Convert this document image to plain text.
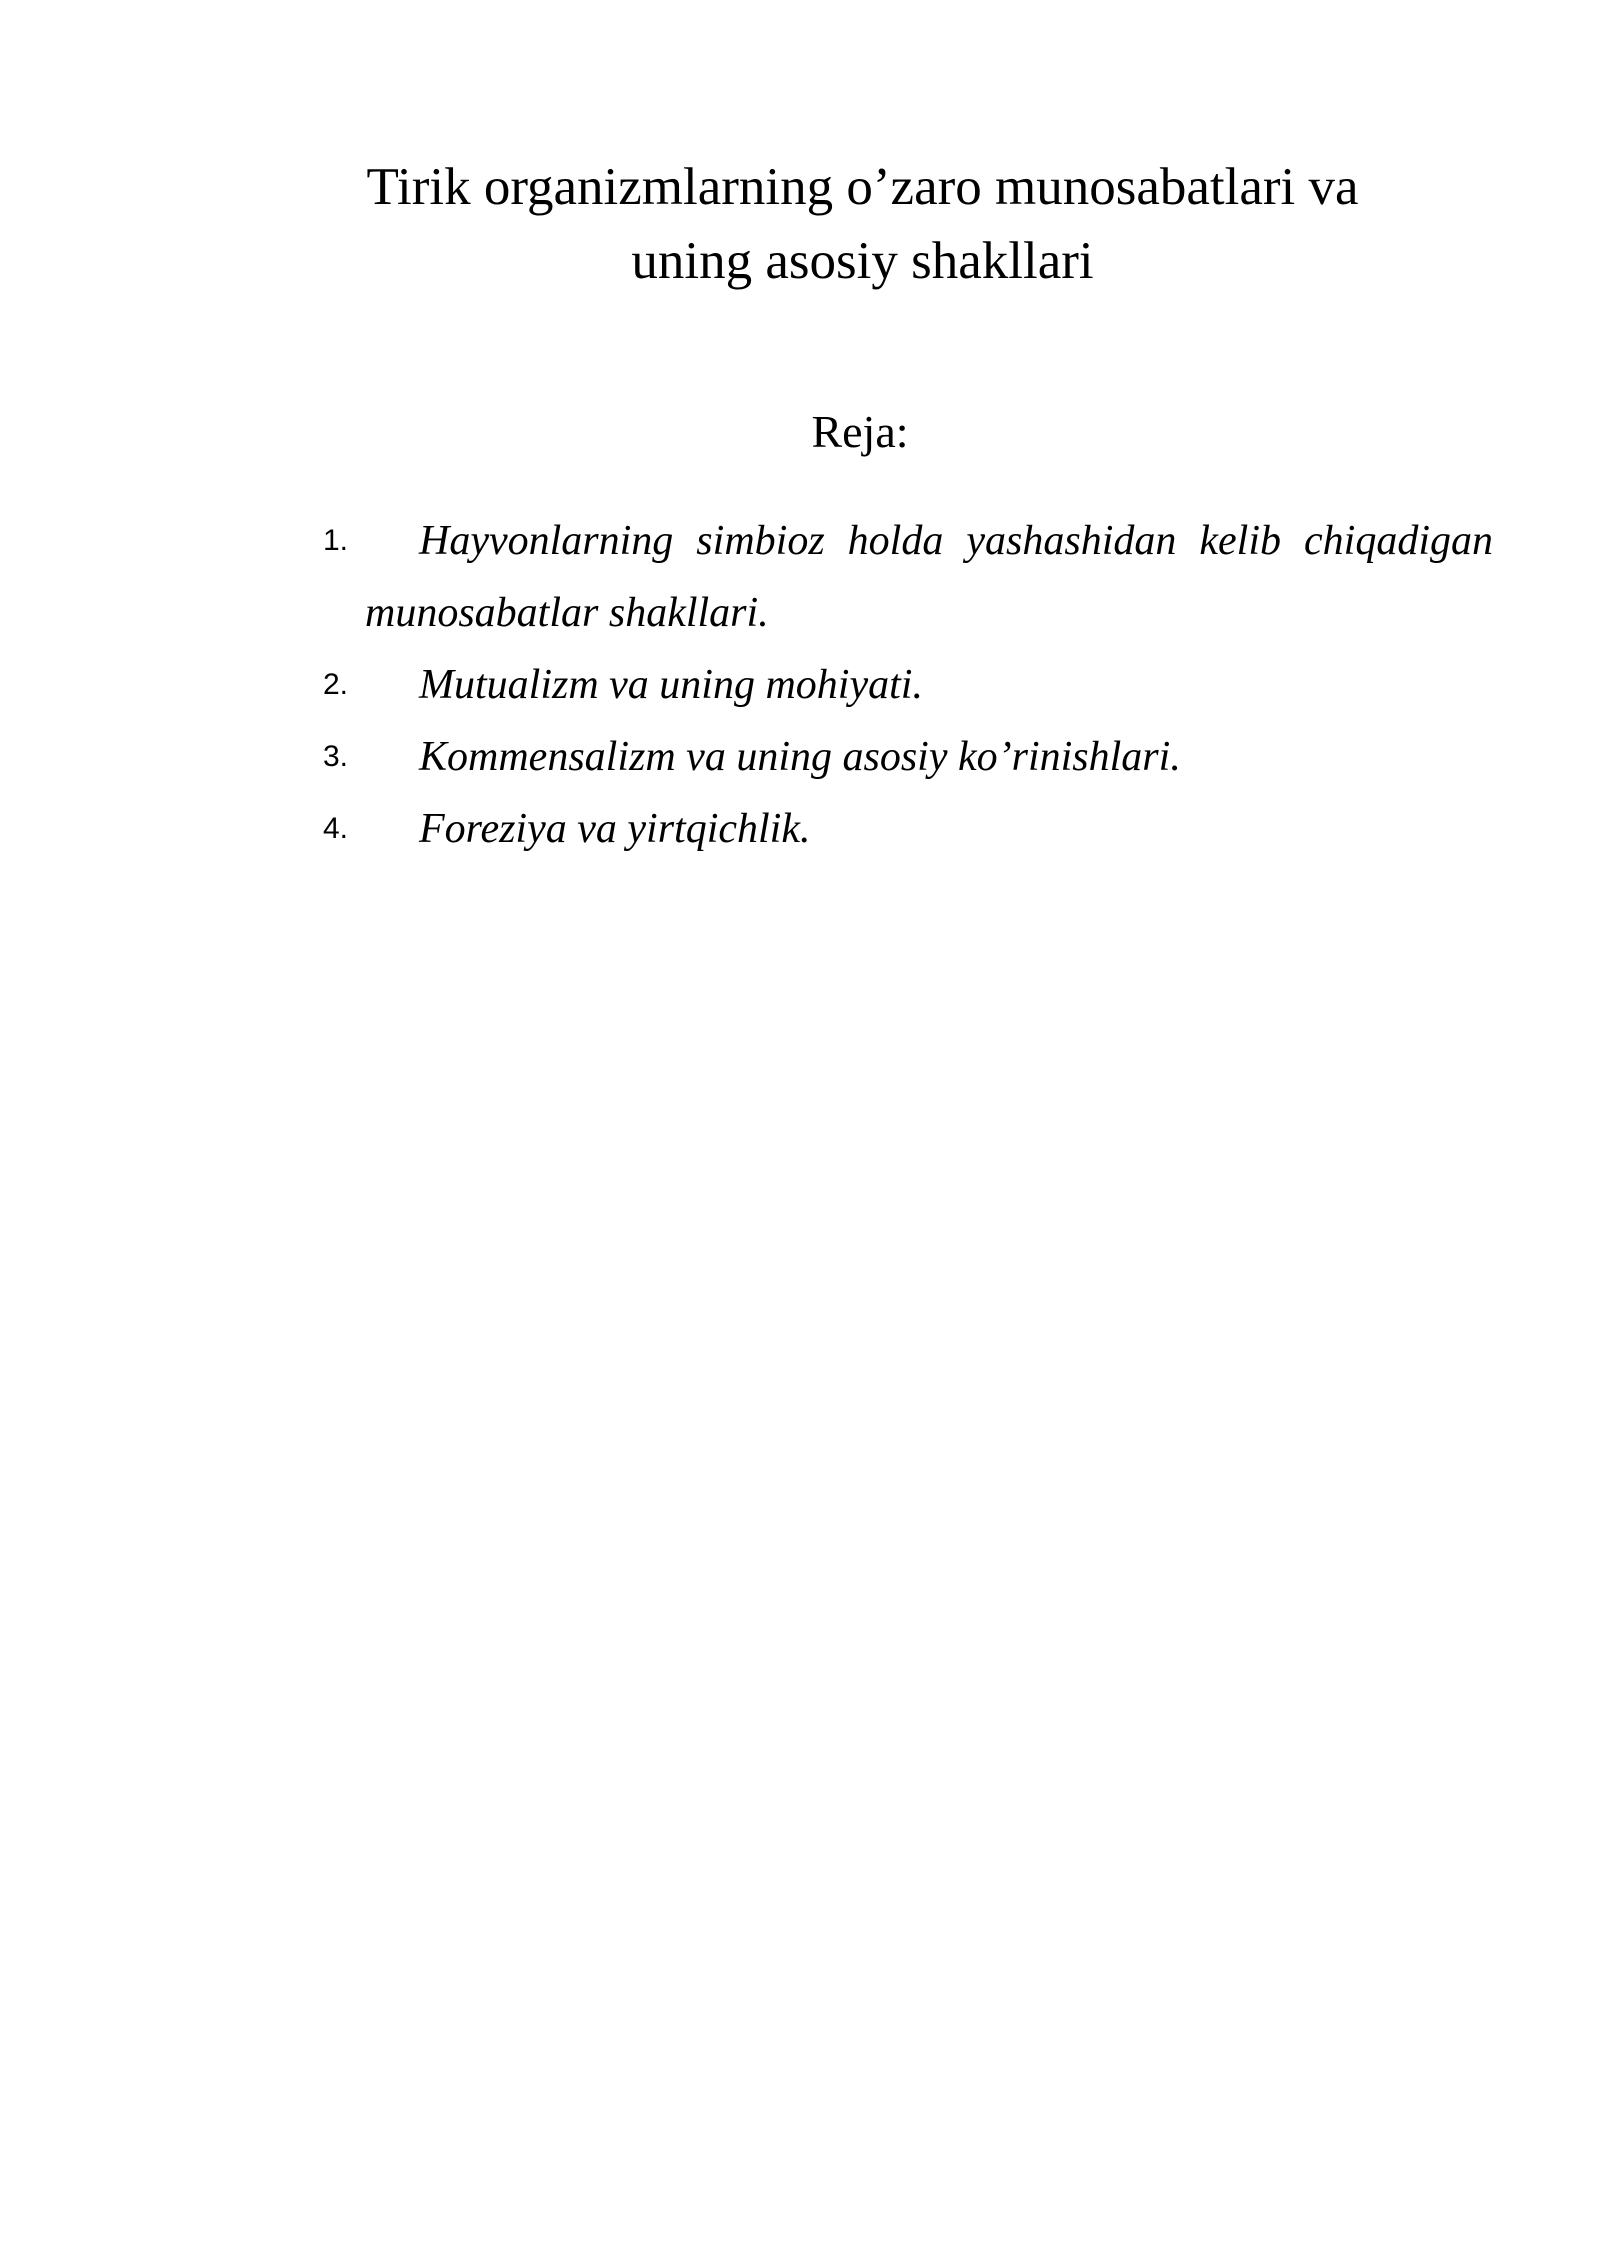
Tirik organizmlarning o’zaro munosabatlari va
uning asosiy shakllari
Reja:
1.	Hayvonlarning simbioz holda yashashidan kelib chiqadigan
munosabatlar shakllari.
2.	Mutualizm va uning mohiyati.
3.	Kommensalizm va uning asosiy ko’rinishlari.
4.	Foreziya va yirtqichlik.
